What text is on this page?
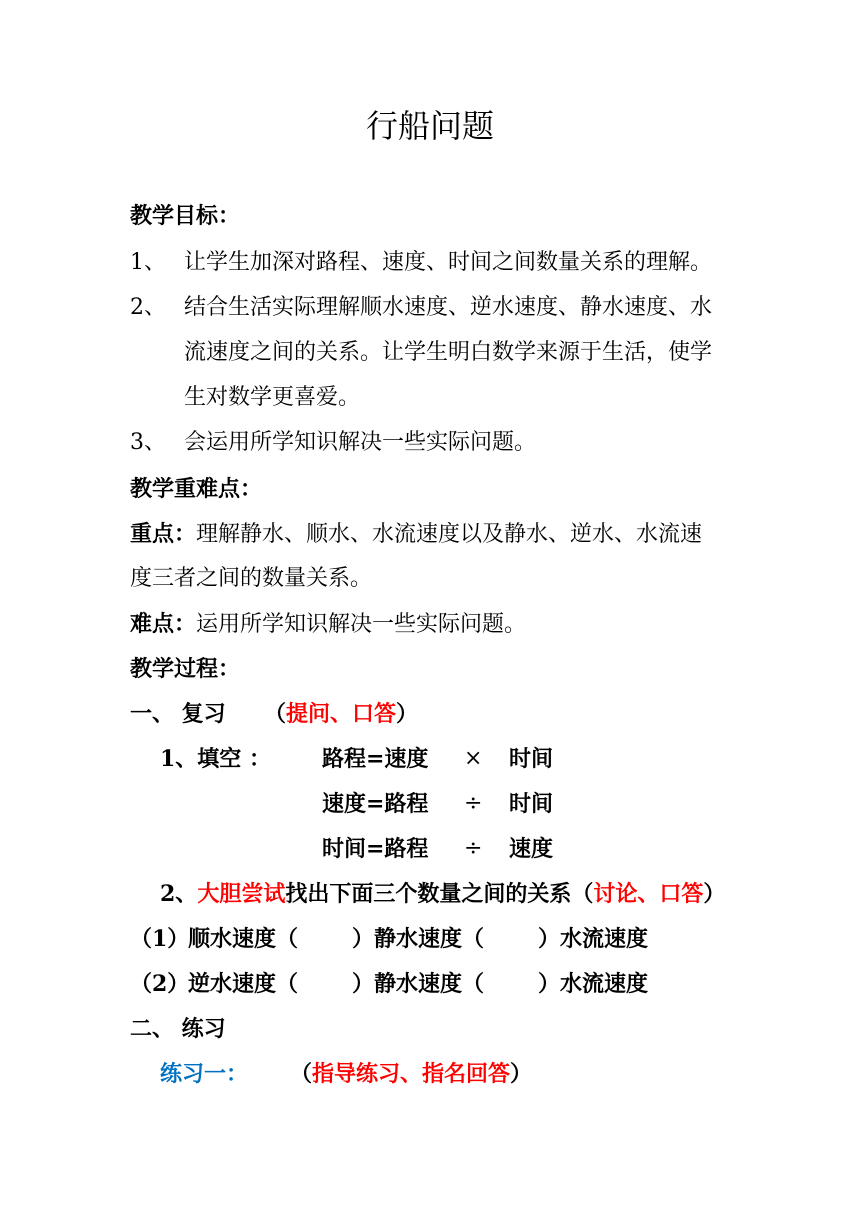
行船问题
教学目标：
1、 让学生加深对路程、速度、时间之间数量关系的理解。
2、 结合生活实际理解顺水速度、逆水速度、静水速度、水
流速度之间的关系。让学生明白数学来源于生活，使学
生对数学更喜爱。
3、 会运用所学知识解决一些实际问题。
教学重难点：
重点：理解静水、顺水、水流速度以及静水、逆水、水流速
度三者之间的数量关系。
难点：运用所学知识解决一些实际问题。
教学过程：
一、 复习 （提问、口答）
1、填空 ： 路程=速度 × 时间
速度=路程 ÷ 时间
时间=路程 ÷ 速度
2、大胆尝试找出下面三个数量之间的关系（讨论、口答）
（1）
顺水速度（ ）静水速度（ ）水流速度
（2）
逆水速度（ ）静水速度（ ）水流速度
二、 练习
练习一： （指导练习、指名回答）
